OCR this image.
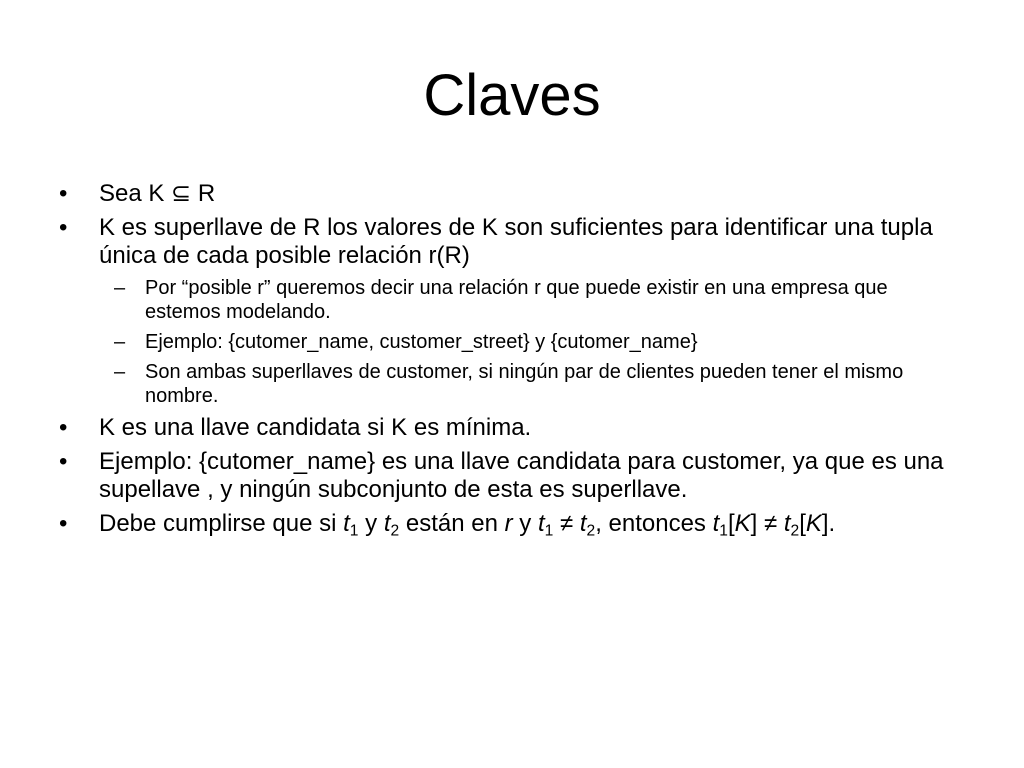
Claves
•	Sea K ⊆ R
•	K es superllave de R los valores de K son suficientes para identificar una tupla única de cada posible relación r(R)
– Por “posible r” queremos decir una relación r que puede existir en una empresa que estemos modelando.
– Ejemplo: {cutomer_name, customer_street} y {cutomer_name}
– Son ambas superllaves de customer, si ningún par de clientes pueden tener el mismo nombre.
•	K es una llave candidata si K es mínima.
•	Ejemplo: {cutomer_name} es una llave candidata para customer, ya que es una supellave , y ningún subconjunto de esta es superllave.
•	Debe cumplirse que si $t_1$ y $t_2$ están en r y $t_1 \ne t_2$, entonces $t_1[K] \ne t_2[K]$.
